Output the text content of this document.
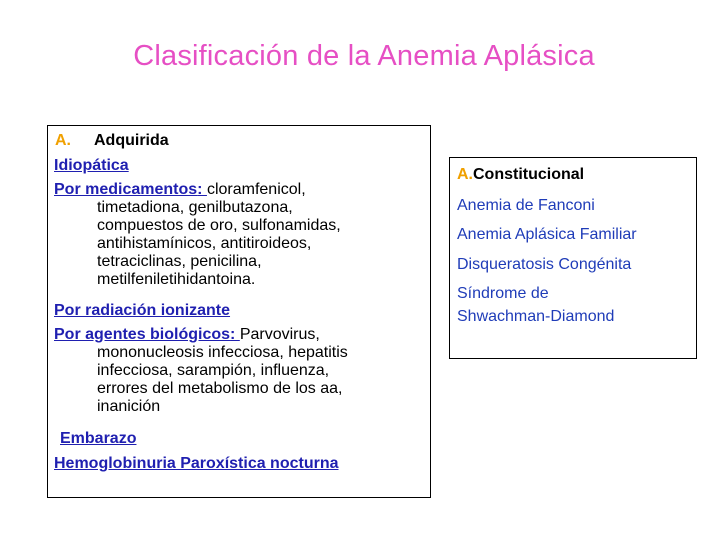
Clasificación de la Anemia Aplásica
A. Adquirida
Idiopática
Por medicamentos: cloramfenicol,
timetadiona, genilbutazona,
compuestos de oro, sulfonamidas,
antihistamínicos, antitiroideos,
tetraciclinas, penicilina,
metilfeniletihidantoina.
Por radiación ionizante
Por agentes biológicos: Parvovirus,
mononucleosis infecciosa, hepatitis
infecciosa, sarampión, influenza,
errores del metabolismo de los aa,
inanición
Embarazo
Hemoglobinuria Paroxística nocturna
A.Constitucional
Anemia de Fanconi
Anemia Aplásica Familiar
Disqueratosis Congénita
Síndrome de
Shwachman-Diamond
